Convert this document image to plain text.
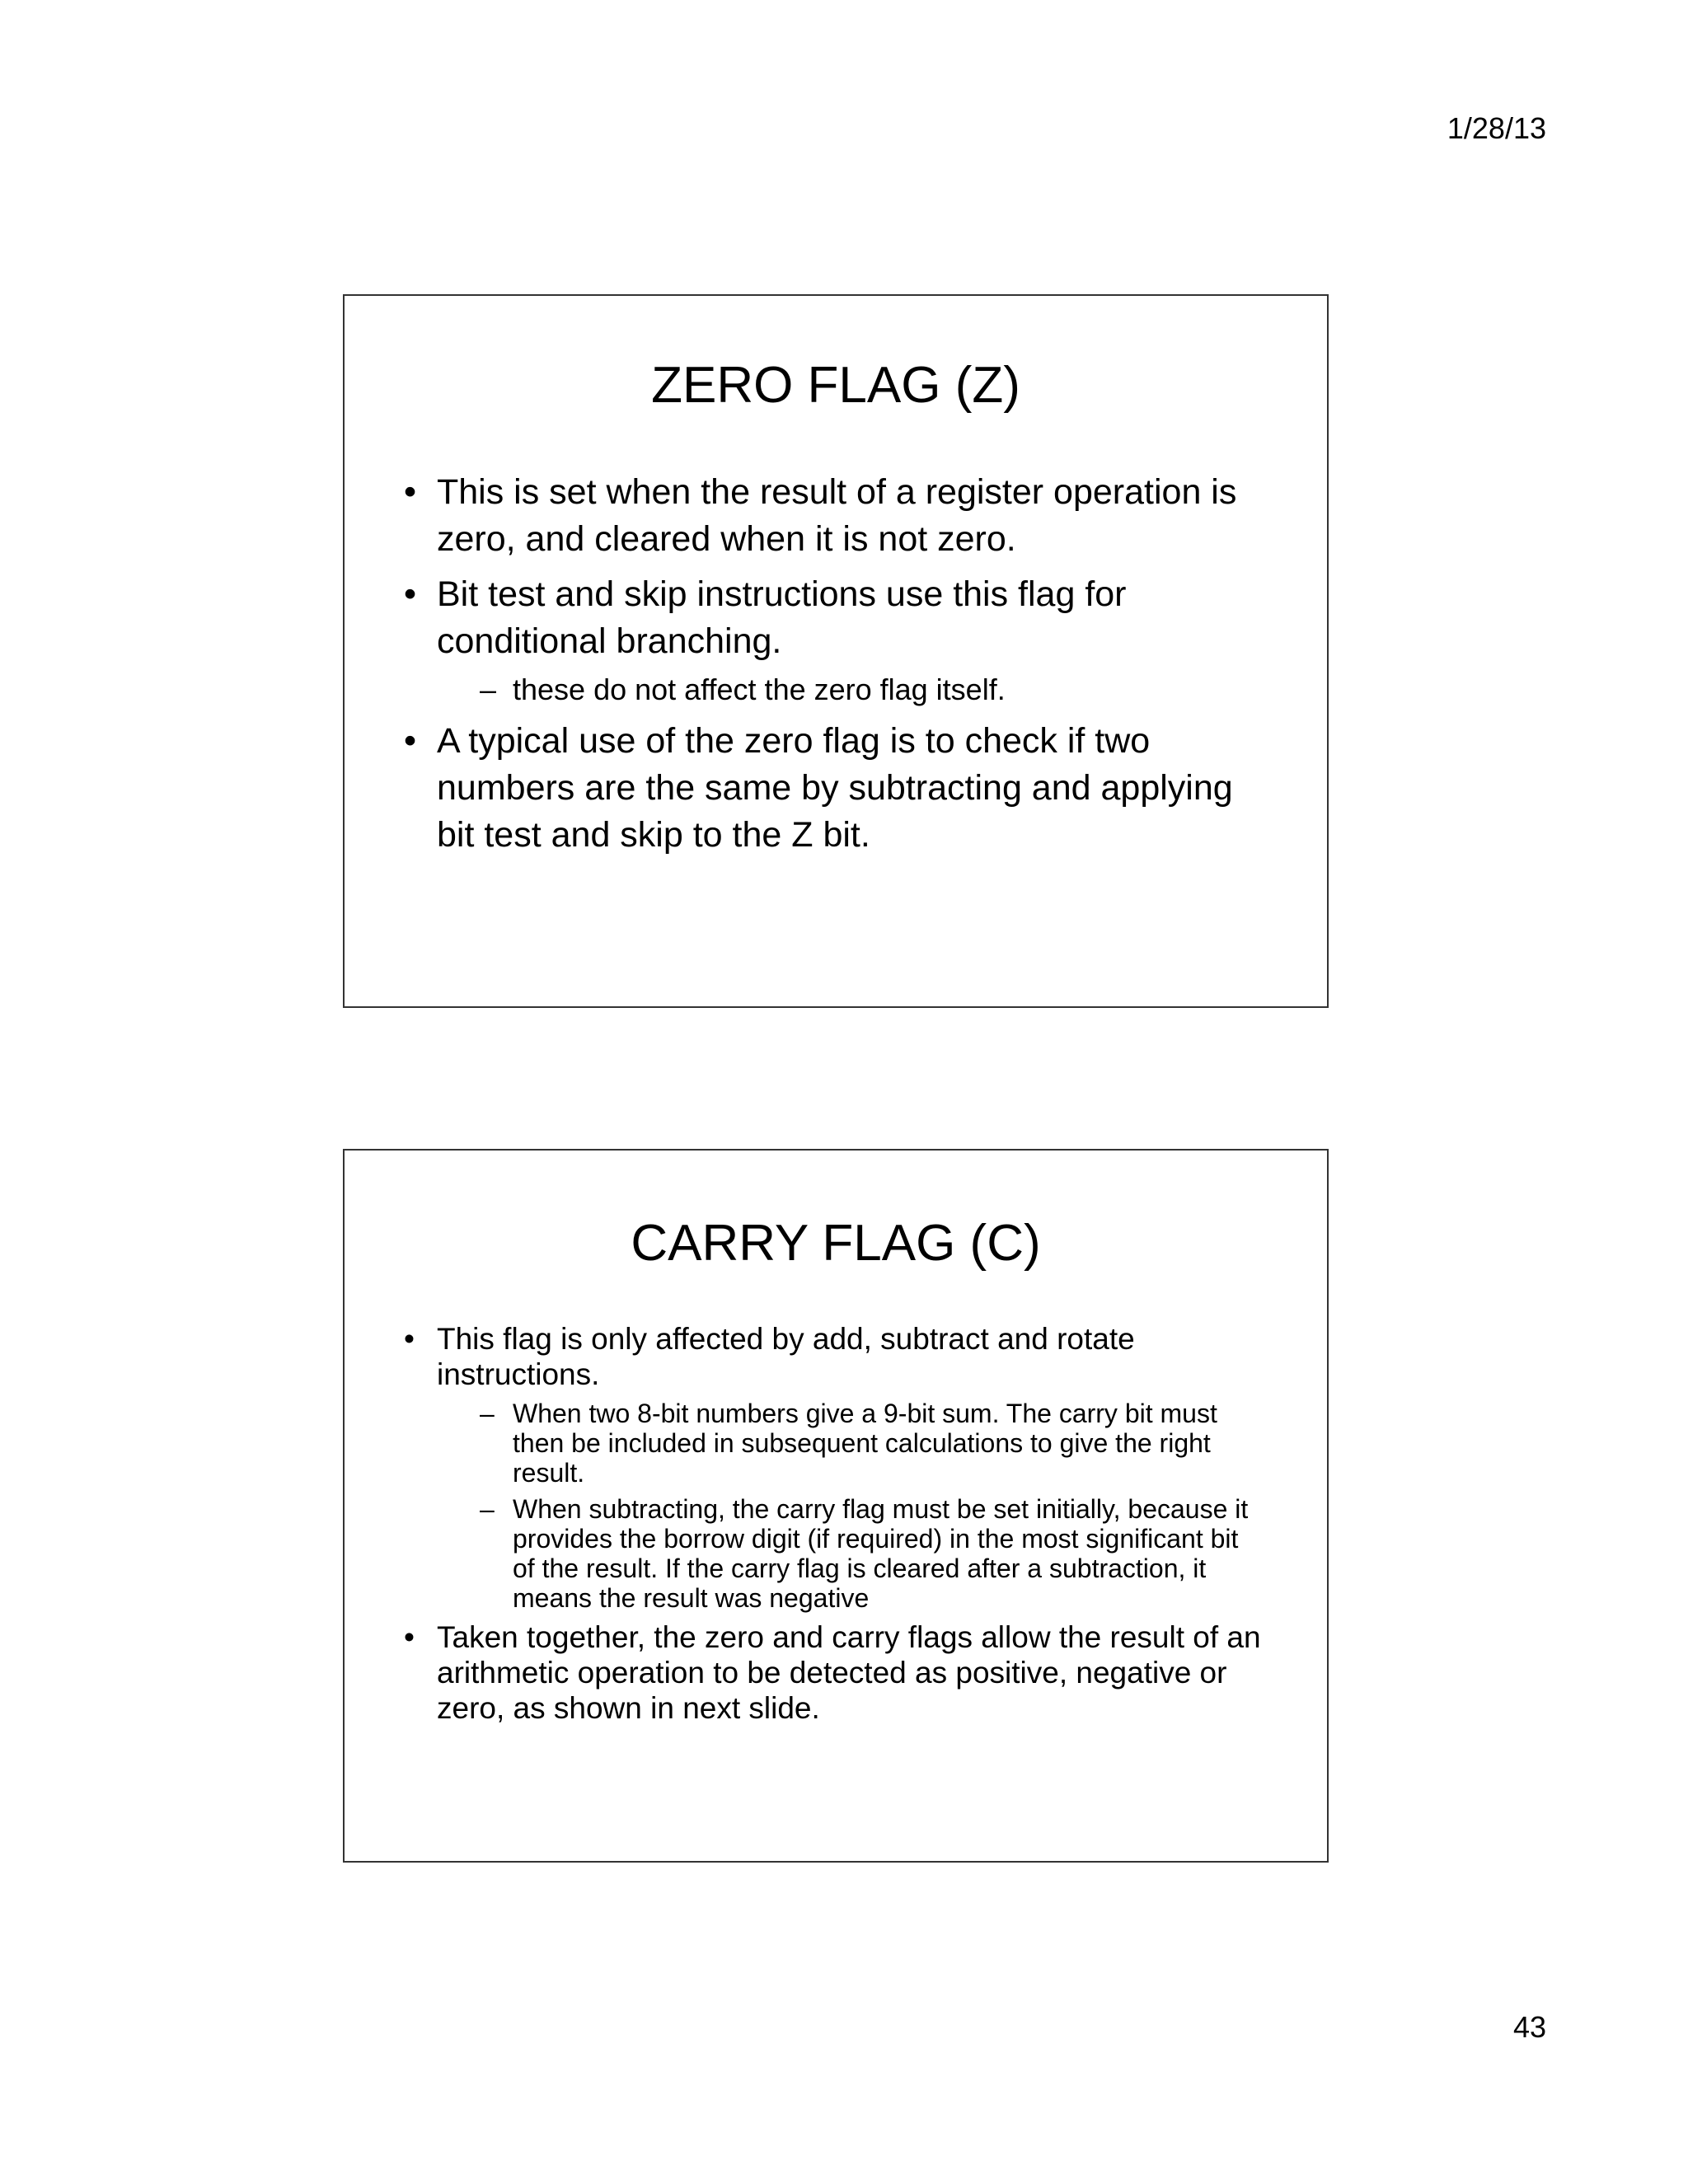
1/28/13
ZERO FLAG (Z)
• This is set when the result of a register operation is zero, and cleared when it is not zero.
• Bit test and skip instructions use this flag for conditional branching.
– these do not affect the zero flag itself.
• A typical use of the zero flag is to check if two numbers are the same by subtracting and applying bit test and skip to the Z bit.
CARRY FLAG (C)
• This flag is only affected by add, subtract and rotate instructions.
– When two 8-bit numbers give a 9-bit sum. The carry bit must then be included in subsequent calculations to give the right result.
– When subtracting, the carry flag must be set initially, because it provides the borrow digit (if required) in the most significant bit of the result. If the carry flag is cleared after a subtraction, it means the result was negative
• Taken together, the zero and carry flags allow the result of an arithmetic operation to be detected as positive, negative or zero, as shown in next slide.
43
